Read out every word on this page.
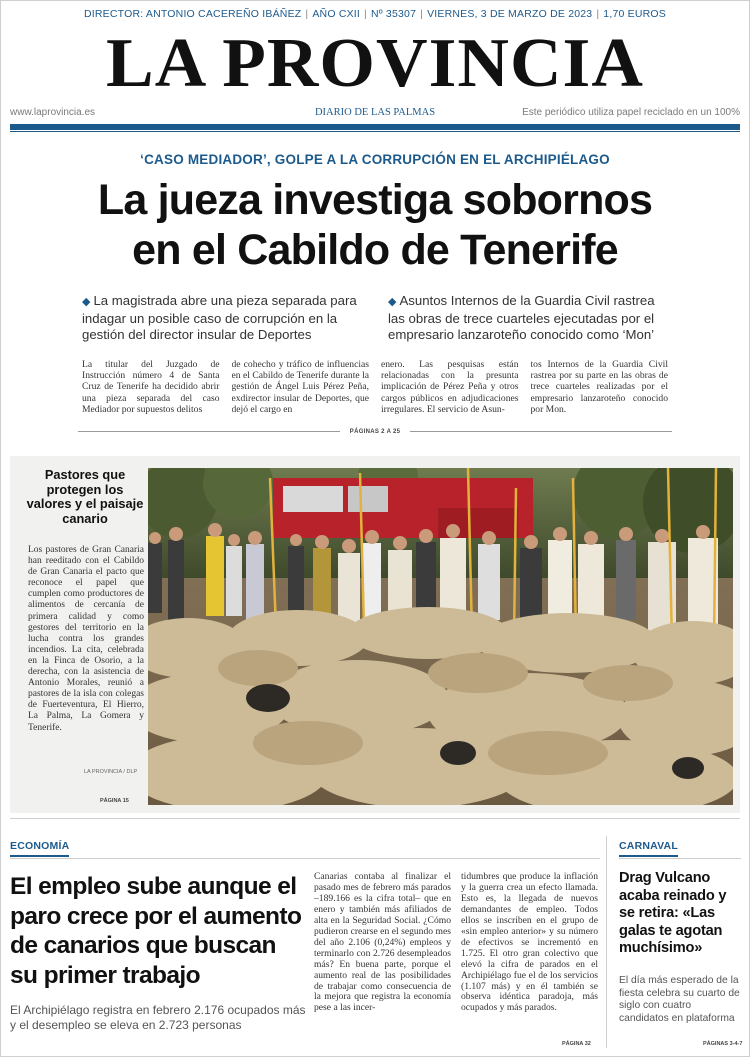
DIRECTOR: ANTONIO CACEREÑO IBÁÑEZ | AÑO CXII | Nº 35307 | VIERNES, 3 DE MARZO DE 2023 | 1,70 EUROS
LA PROVINCIA
www.laprovincia.es	DIARIO DE LAS PALMAS	Este periódico utiliza papel reciclado en un 100%
‘CASO MEDIADOR’, GOLPE A LA CORRUPCIÓN EN EL ARCHIPIÉLAGO
La jueza investiga sobornos
en el Cabildo de Tenerife
◆ La magistrada abre una pieza separada para indagar un posible caso de corrupción en la gestión del director insular de Deportes
◆ Asuntos Internos de la Guardia Civil rastrea las obras de trece cuarteles ejecutadas por el empresario lanzaroteño conocido como ‘Mon’
La titular del Juzgado de Instrucción número 4 de Santa Cruz de Tenerife ha decidido abrir una pieza separada del caso Mediador por supuestos delitos
de cohecho y tráfico de influencias en el Cabildo de Tenerife durante la gestión de Ángel Luis Pérez Peña, exdirector insular de Deportes, que dejó el cargo en
enero. Las pesquisas están relacionadas con la presunta implicación de Pérez Peña y otros cargos públicos en adjudicaciones irregulares. El servicio de Asun-
tos Internos de la Guardia Civil rastrea por su parte en las obras de trece cuarteles realizadas por el empresario lanzaroteño conocido por Mon.
PÁGINAS 2 A 25
Pastores que protegen los valores y el paisaje canario
Los pastores de Gran Canaria han reeditado con el Cabildo de Gran Canaria el pacto que reconoce el papel que cumplen como productores de alimentos de cercanía de primera calidad y como gestores del territorio en la lucha contra los grandes incendios. La cita, celebrada en la Finca de Osorio, a la derecha, con la asistencia de Antonio Morales, reunió a pastores de la isla con colegas de Fuerteventura, El Hierro, La Palma, La Gomera y Tenerife.
LA PROVINCIA / DLP
PÁGINA 15
ECONOMÍA
El empleo sube aunque el paro crece por el aumento de canarios que buscan su primer trabajo
El Archipiélago registra en febrero 2.176 ocupados más y el desempleo se eleva en 2.723 personas
Canarias contaba al finalizar el pasado mes de febrero más parados –189.166 es la cifra total– que en enero y también más afiliados de alta en la Seguridad Social. ¿Cómo pudieron crearse en el segundo mes del año 2.106 (0,24%) empleos y terminarlo con 2.726 desempleados más? En buena parte, porque el aumento real de las posibilidades de trabajar como consecuencia de la mejora que registra la economía pese a las incer-
tidumbres que produce la inflación y la guerra crea un efecto llamada. Esto es, la llegada de nuevos demandantes de empleo. Todos ellos se inscriben en el grupo de «sin empleo anterior» y su número de efectivos se incrementó en 1.725. El otro gran colectivo que elevó la cifra de parados en el Archipiélago fue el de los servicios (1.107 más) y en él también se observa idéntica paradoja, más ocupados y más parados.
PÁGINA 32
CARNAVAL
Drag Vulcano acaba reinado y se retira: «Las galas te agotan muchísimo»
El día más esperado de la fiesta celebra su cuarto de siglo con cuatro candidatos en plataforma
PÁGINAS 3-4-7
